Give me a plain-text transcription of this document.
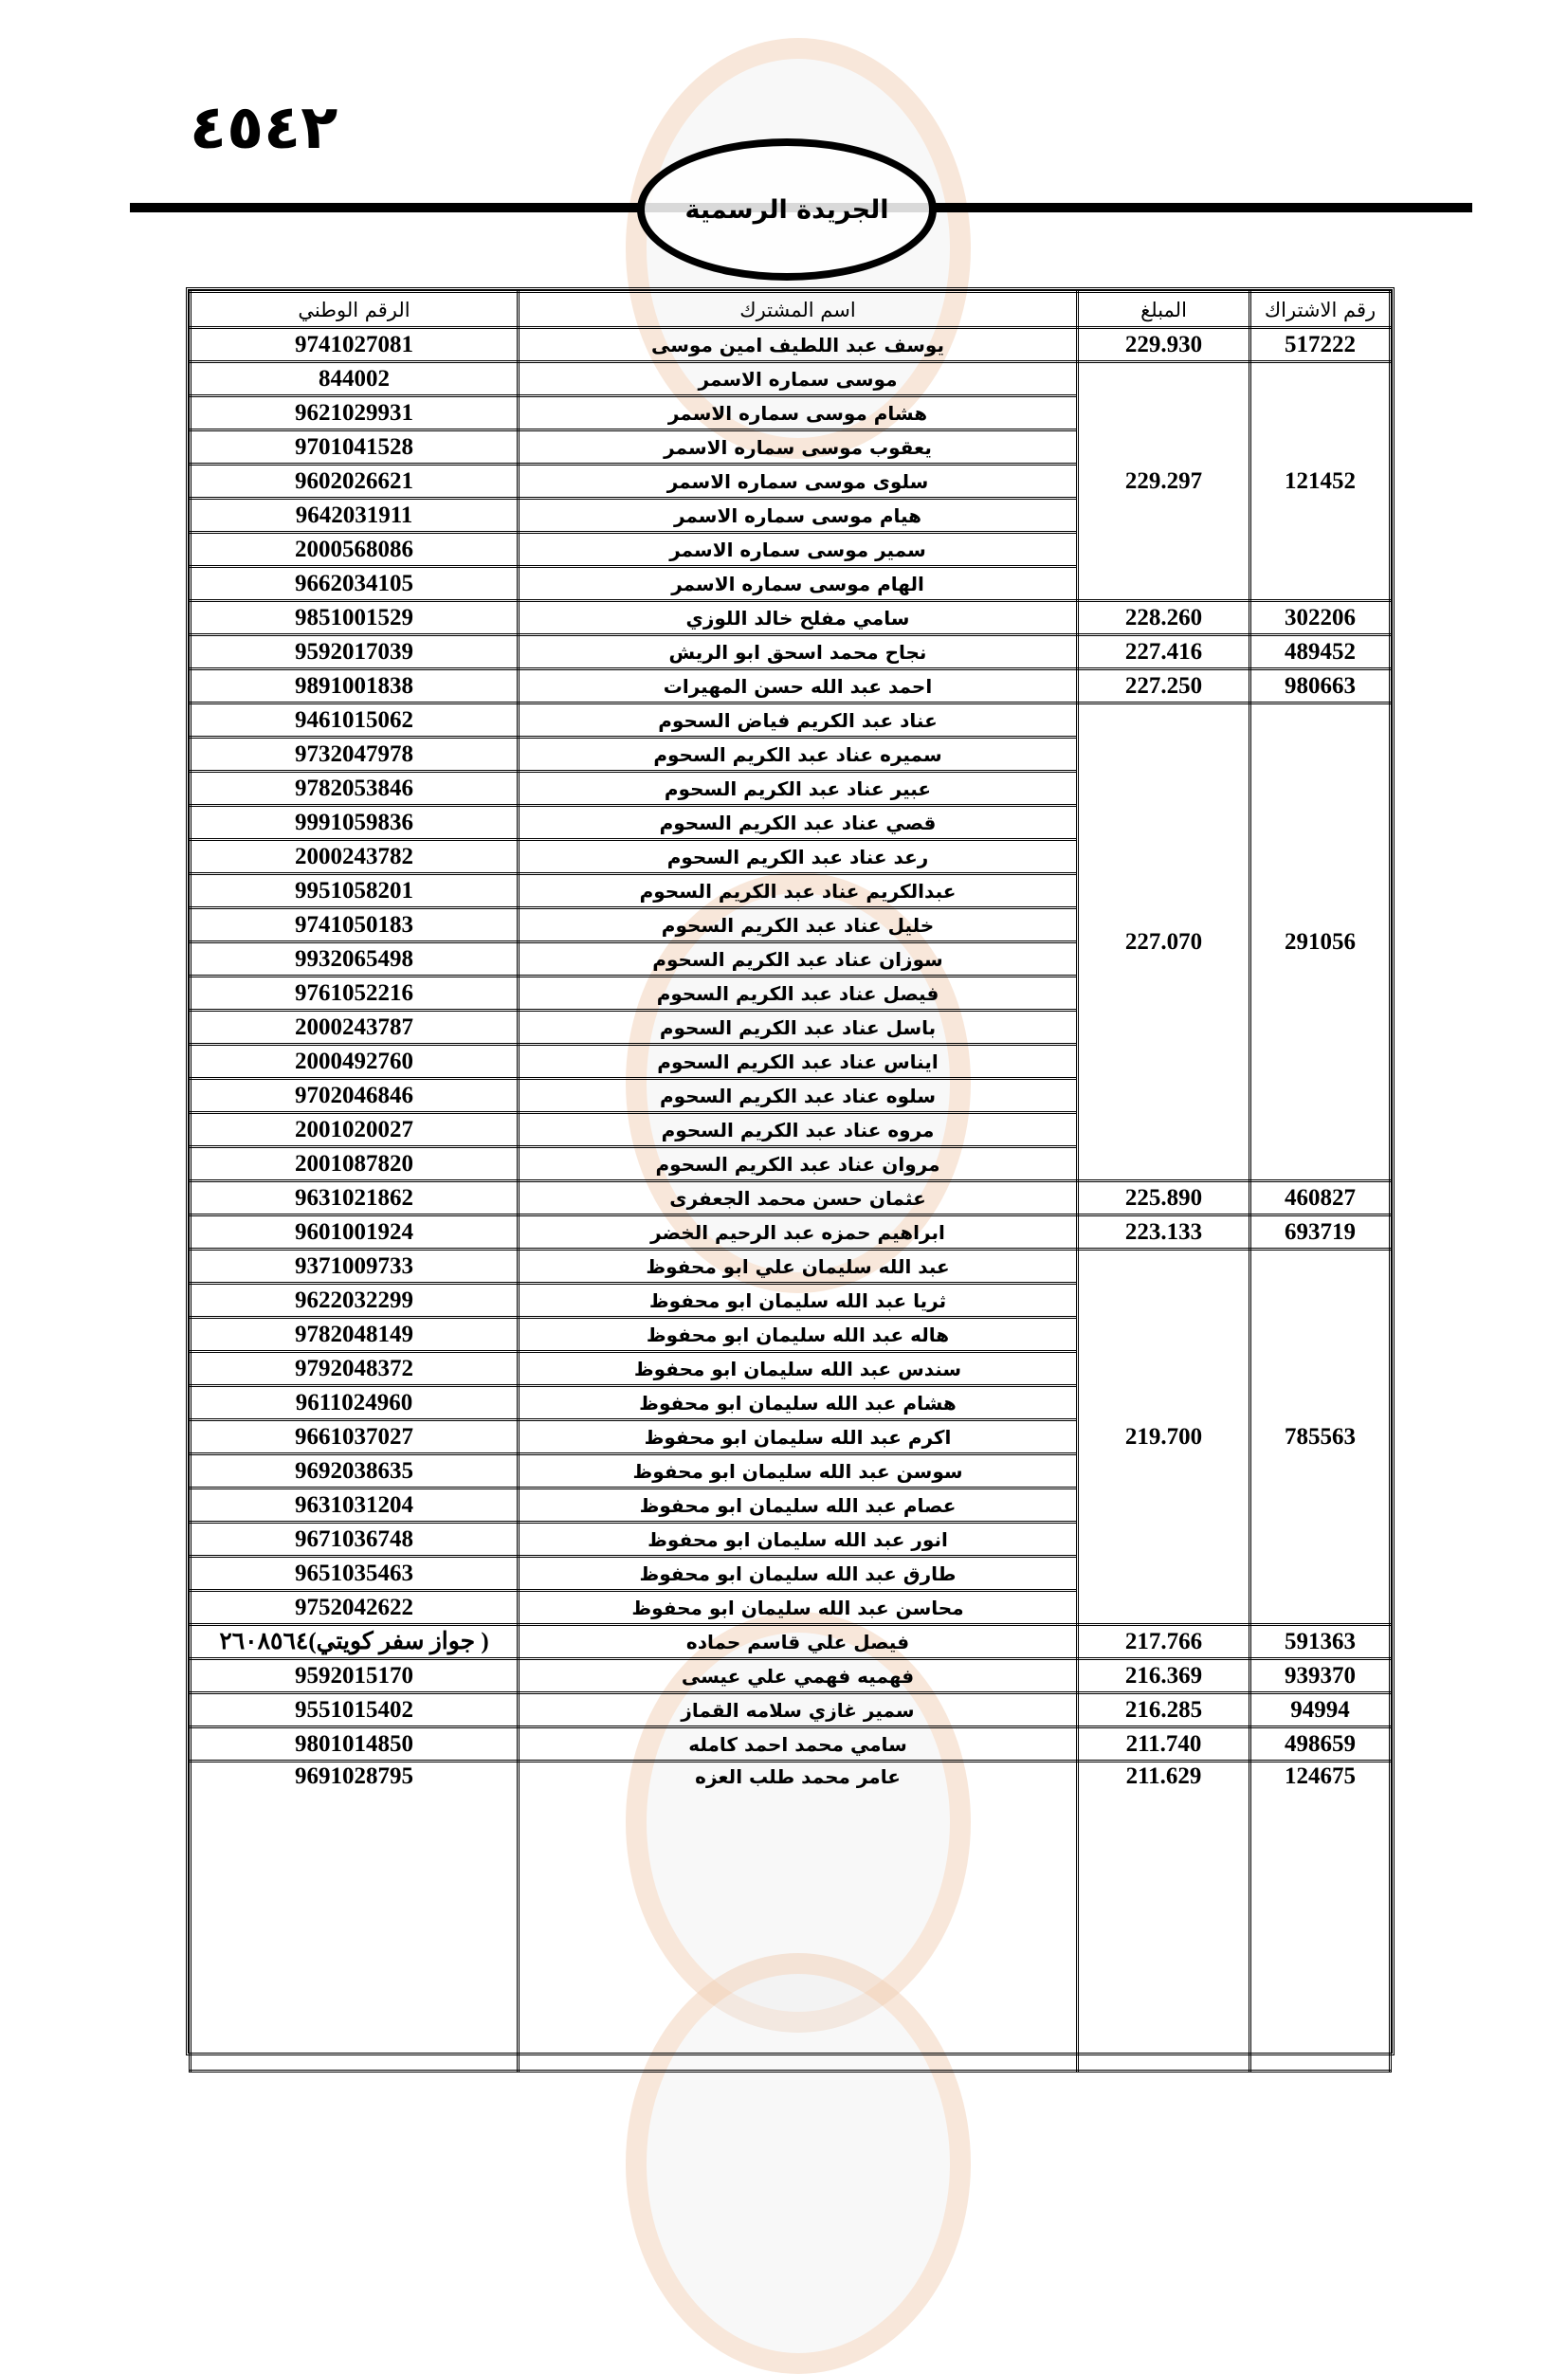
٤٥٤٢
الجريدة الرسمية
رقم الاشتراك	المبلغ	اسم المشترك	الرقم الوطني
517222	229.930	يوسف عبد اللطيف امين موسى	9741027081
121452	229.297	موسى سماره الاسمر	844002
		هشام موسى سماره الاسمر	9621029931
		يعقوب موسى سماره الاسمر	9701041528
		سلوى موسى سماره الاسمر	9602026621
		هيام موسى سماره الاسمر	9642031911
		سمير موسى سماره الاسمر	2000568086
		الهام موسى سماره الاسمر	9662034105
302206	228.260	سامي مفلح خالد اللوزي	9851001529
489452	227.416	نجاح محمد اسحق ابو الريش	9592017039
980663	227.250	احمد عبد الله حسن المهيرات	9891001838
291056	227.070	عناد عبد الكريم فياض السحوم	9461015062
		سميره عناد عبد الكريم السحوم	9732047978
		عبير عناد عبد الكريم السحوم	9782053846
		قصي عناد عبد الكريم السحوم	9991059836
		رعد عناد عبد الكريم السحوم	2000243782
		عبدالكريم عناد عبد الكريم السحوم	9951058201
		خليل عناد عبد الكريم السحوم	9741050183
		سوزان عناد عبد الكريم السحوم	9932065498
		فيصل عناد عبد الكريم السحوم	9761052216
		باسل عناد عبد الكريم السحوم	2000243787
		ايناس عناد عبد الكريم السحوم	2000492760
		سلوه عناد عبد الكريم السحوم	9702046846
		مروه عناد عبد الكريم السحوم	2001020027
		مروان عناد عبد الكريم السحوم	2001087820
460827	225.890	عثمان حسن محمد الجعفرى	9631021862
693719	223.133	ابراهيم حمزه عبد الرحيم الخضر	9601001924
785563	219.700	عبد الله سليمان علي ابو محفوظ	9371009733
		ثريا عبد الله سليمان ابو محفوظ	9622032299
		هاله عبد الله سليمان ابو محفوظ	9782048149
		سندس عبد الله سليمان ابو محفوظ	9792048372
		هشام عبد الله سليمان ابو محفوظ	9611024960
		اكرم عبد الله سليمان ابو محفوظ	9661037027
		سوسن عبد الله سليمان ابو محفوظ	9692038635
		عصام عبد الله سليمان ابو محفوظ	9631031204
		انور عبد الله سليمان ابو محفوظ	9671036748
		طارق عبد الله سليمان ابو محفوظ	9651035463
		محاسن عبد الله سليمان ابو محفوظ	9752042622
591363	217.766	فيصل علي قاسم حماده	( جواز سفر كويتي)٢٦٠٨٥٦٤
939370	216.369	فهميه فهمي علي عيسى	9592015170
94994	216.285	سمير غازي سلامه القماز	9551015402
498659	211.740	سامي محمد احمد كامله	9801014850
124675	211.629	عامر محمد طلب العزه	9691028795
